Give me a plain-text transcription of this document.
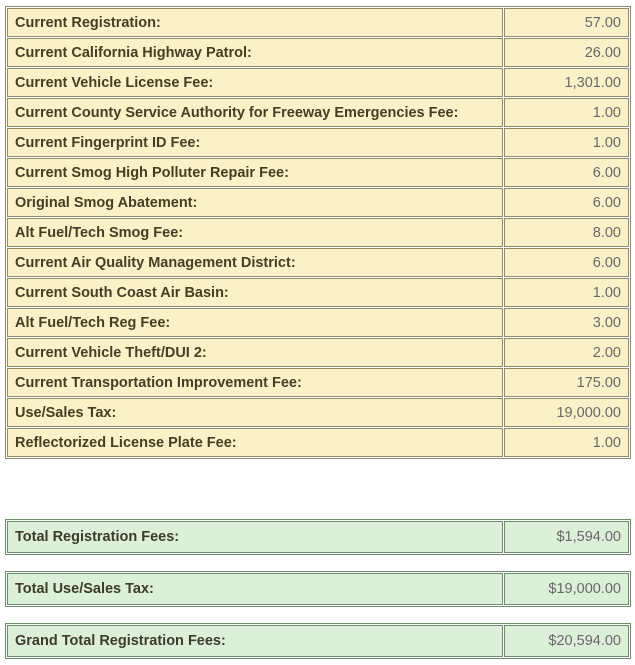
Current Registration:	57.00
Current California Highway Patrol:	26.00
Current Vehicle License Fee:	1,301.00
Current County Service Authority for Freeway Emergencies Fee:	1.00
Current Fingerprint ID Fee:	1.00
Current Smog High Polluter Repair Fee:	6.00
Original Smog Abatement:	6.00
Alt Fuel/Tech Smog Fee:	8.00
Current Air Quality Management District:	6.00
Current South Coast Air Basin:	1.00
Alt Fuel/Tech Reg Fee:	3.00
Current Vehicle Theft/DUI 2:	2.00
Current Transportation Improvement Fee:	175.00
Use/Sales Tax:	19,000.00
Reflectorized License Plate Fee:	1.00
Total Registration Fees:	$1,594.00
Total Use/Sales Tax:	$19,000.00
Grand Total Registration Fees:	$20,594.00
